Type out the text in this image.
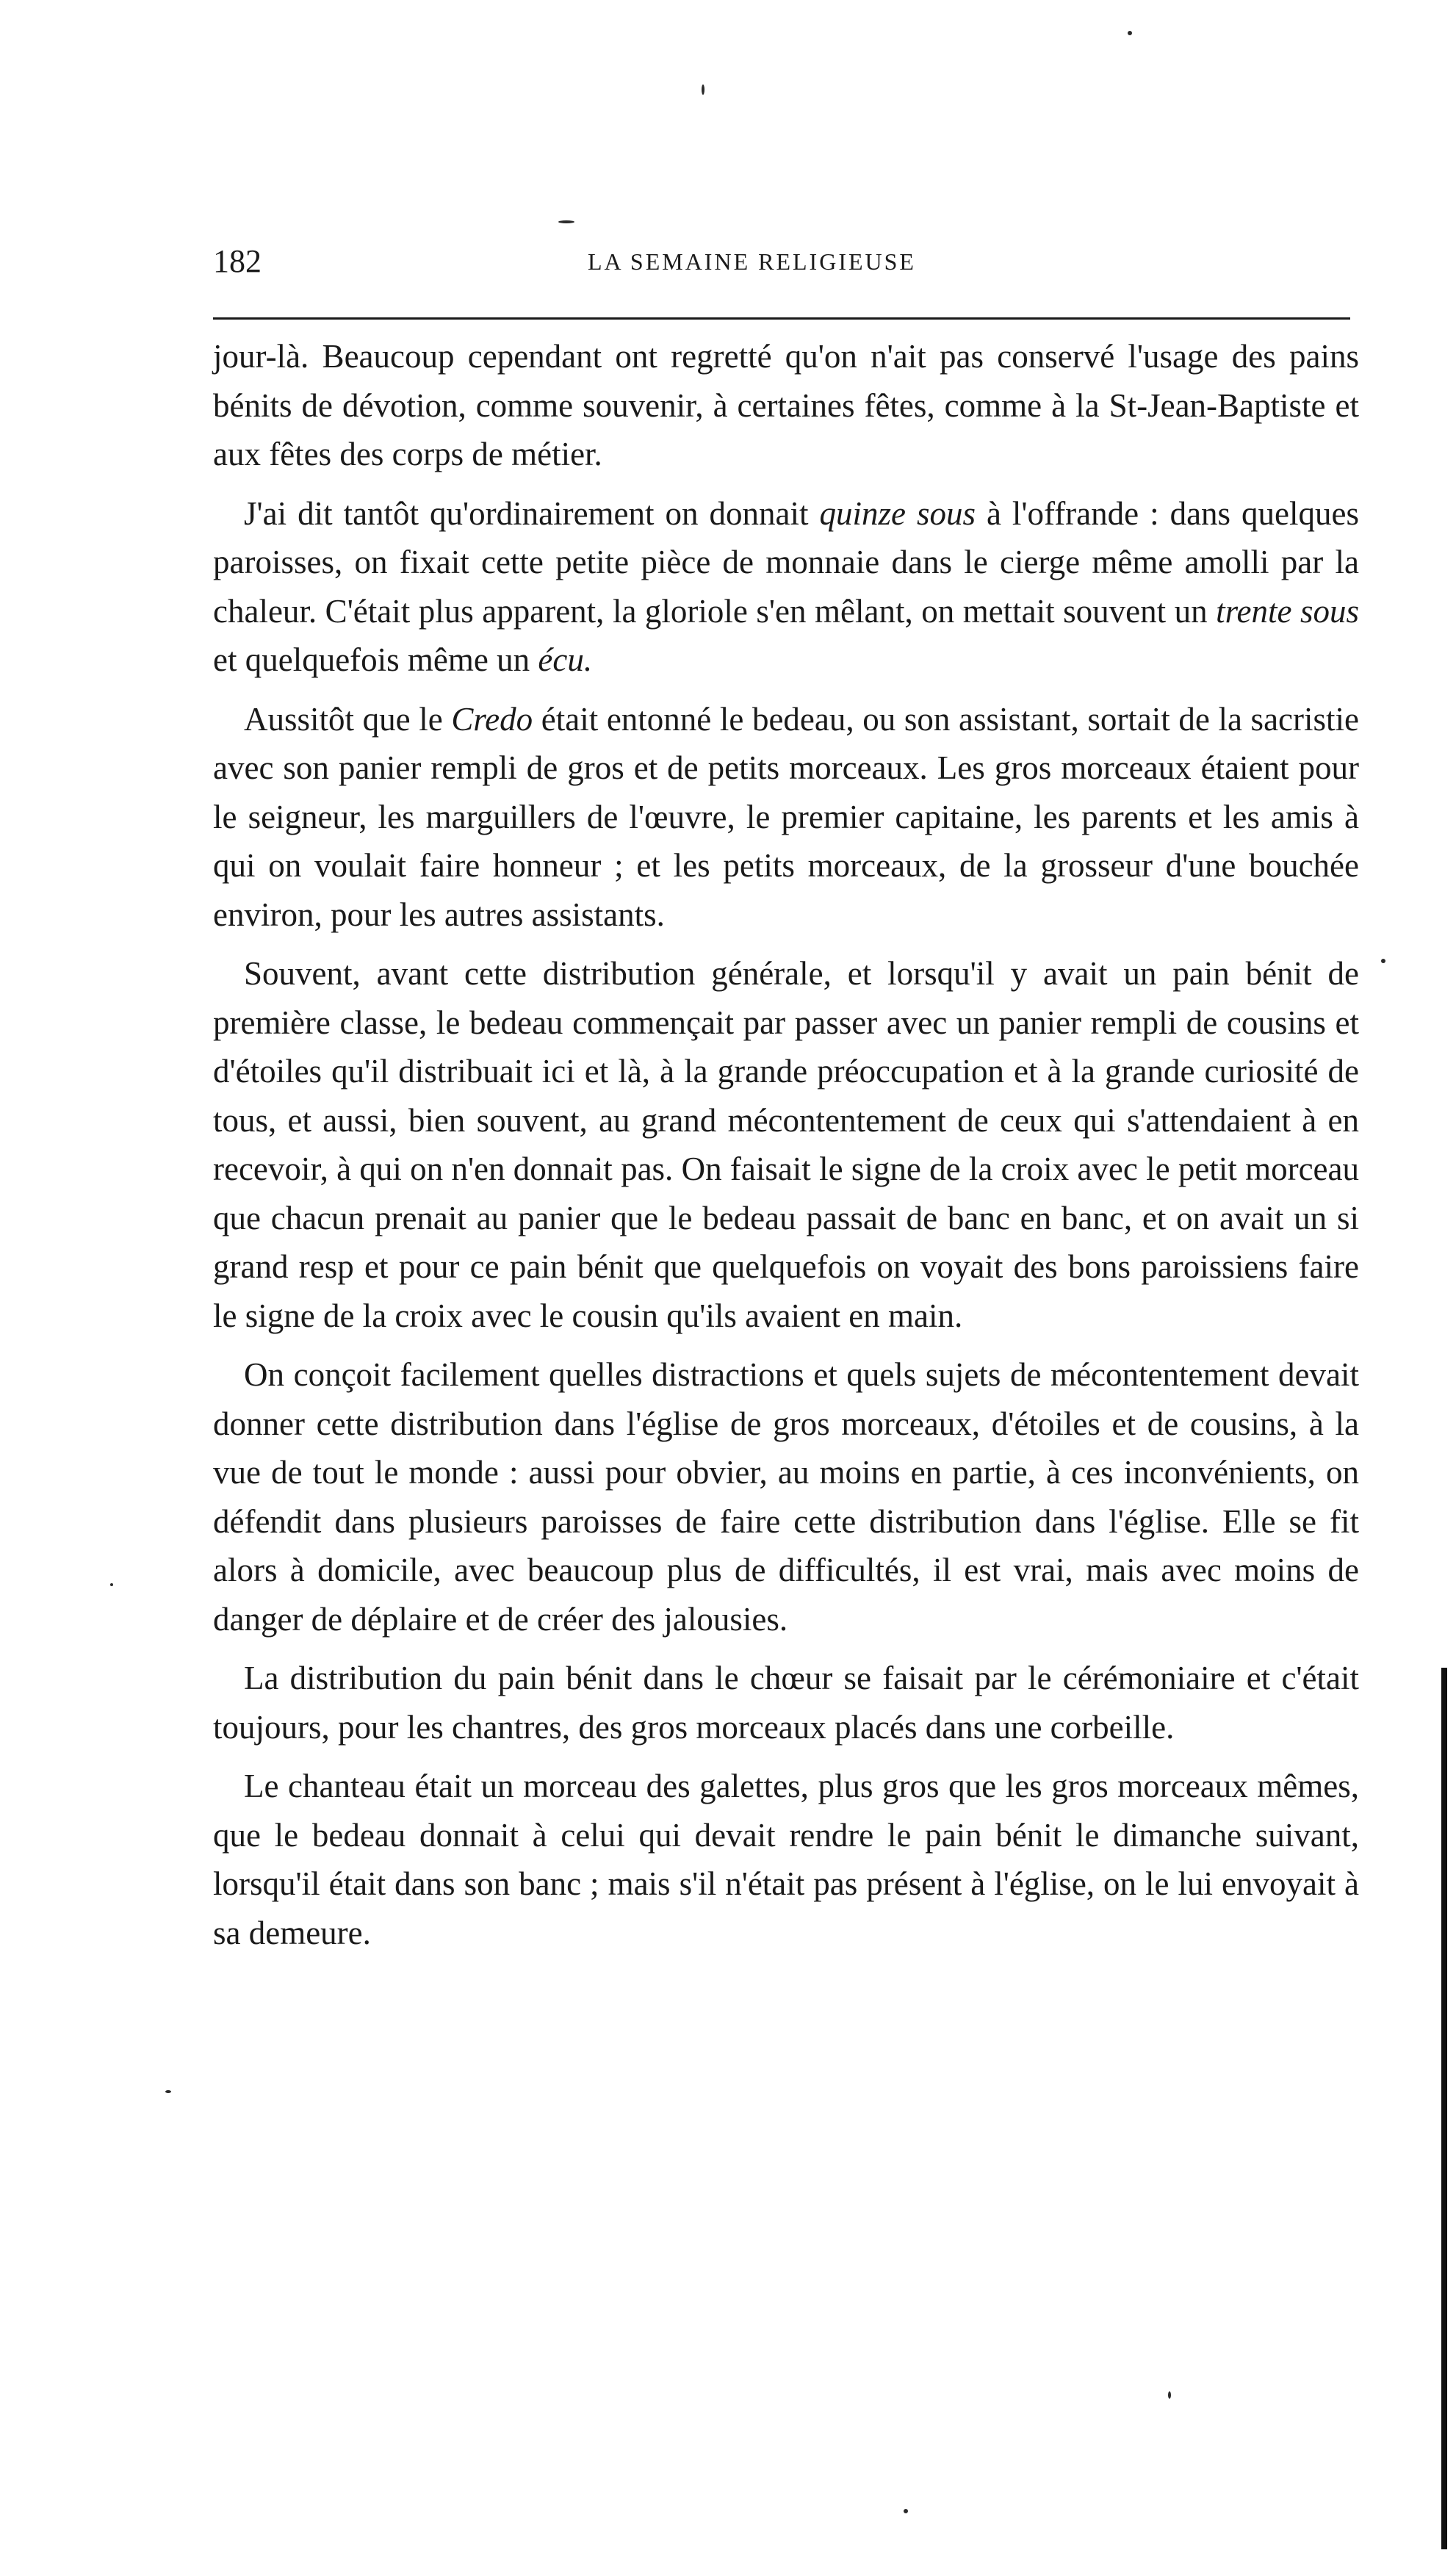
182	LA SEMAINE RELIGIEUSE

jour-là. Beaucoup cependant ont regretté qu'on n'ait pas conservé l'usage des pains bénits de dévotion, comme souvenir, à certaines fêtes, comme à la St-Jean-Baptiste et aux fêtes des corps de métier.

J'ai dit tantôt qu'ordinairement on donnait quinze sous à l'offrande : dans quelques paroisses, on fixait cette petite pièce de monnaie dans le cierge même amolli par la chaleur. C'était plus apparent, la gloriole s'en mêlant, on mettait souvent un trente sous et quelquefois même un écu.

Aussitôt que le Credo était entonné le bedeau, ou son assistant, sortait de la sacristie avec son panier rempli de gros et de petits morceaux. Les gros morceaux étaient pour le seigneur, les marguillers de l'œuvre, le premier capitaine, les parents et les amis à qui on voulait faire honneur ; et les petits morceaux, de la grosseur d'une bouchée environ, pour les autres assistants.

Souvent, avant cette distribution générale, et lorsqu'il y avait un pain bénit de première classe, le bedeau commençait par passer avec un panier rempli de cousins et d'étoiles qu'il distribuait ici et là, à la grande préoccupation et à la grande curiosité de tous, et aussi, bien souvent, au grand mécontentement de ceux qui s'attendaient à en recevoir, à qui on n'en donnait pas. On faisait le signe de la croix avec le petit morceau que chacun prenait au panier que le bedeau passait de banc en banc, et on avait un si grand resp et pour ce pain bénit que quelquefois on voyait des bons paroissiens faire le signe de la croix avec le cousin qu'ils avaient en main.

On conçoit facilement quelles distractions et quels sujets de mécontentement devait donner cette distribution dans l'église de gros morceaux, d'étoiles et de cousins, à la vue de tout le monde : aussi pour obvier, au moins en partie, à ces inconvénients, on défendit dans plusieurs paroisses de faire cette distribution dans l'église. Elle se fit alors à domicile, avec beaucoup plus de difficultés, il est vrai, mais avec moins de danger de déplaire et de créer des jalousies.

La distribution du pain bénit dans le chœur se faisait par le cérémoniaire et c'était toujours, pour les chantres, des gros morceaux placés dans une corbeille.

Le chanteau était un morceau des galettes, plus gros que les gros morceaux mêmes, que le bedeau donnait à celui qui devait rendre le pain bénit le dimanche suivant, lorsqu'il était dans son banc ; mais s'il n'était pas présent à l'église, on le lui envoyait à sa demeure.
